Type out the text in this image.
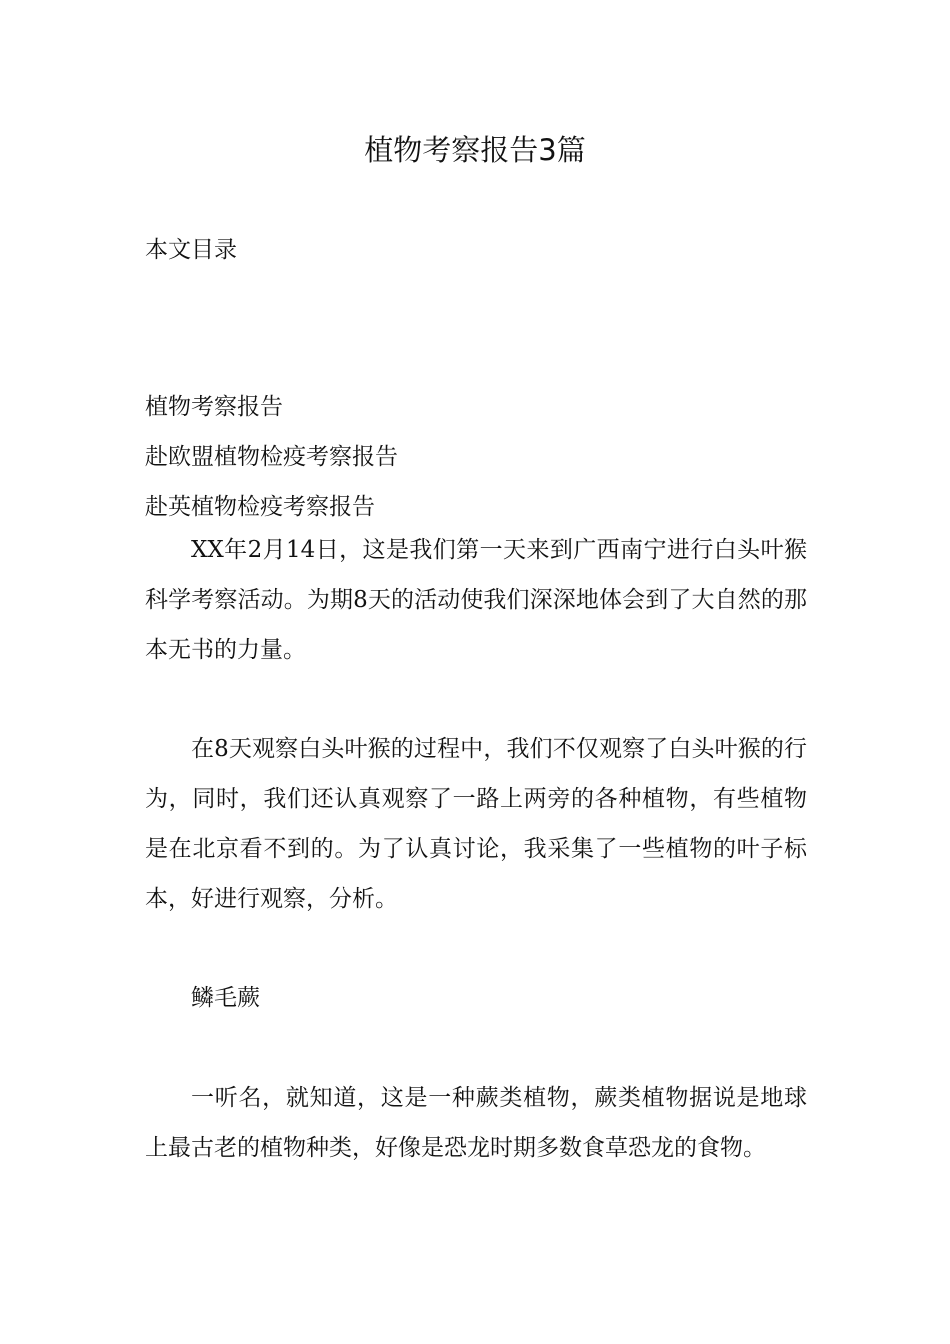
植物考察报告3篇

本文目录

植物考察报告
赴欧盟植物检疫考察报告
赴英植物检疫考察报告

XX年2月14日，这是我们第一天来到广西南宁进行白头叶猴科学考察活动。为期8天的活动使我们深深地体会到了大自然的那本无书的力量。

在8天观察白头叶猴的过程中，我们不仅观察了白头叶猴的行为，同时，我们还认真观察了一路上两旁的各种植物，有些植物是在北京看不到的。为了认真讨论，我采集了一些植物的叶子标本，好进行观察，分析。

鳞毛蕨

一听名，就知道，这是一种蕨类植物，蕨类植物据说是地球上最古老的植物种类，好像是恐龙时期多数食草恐龙的食物。
